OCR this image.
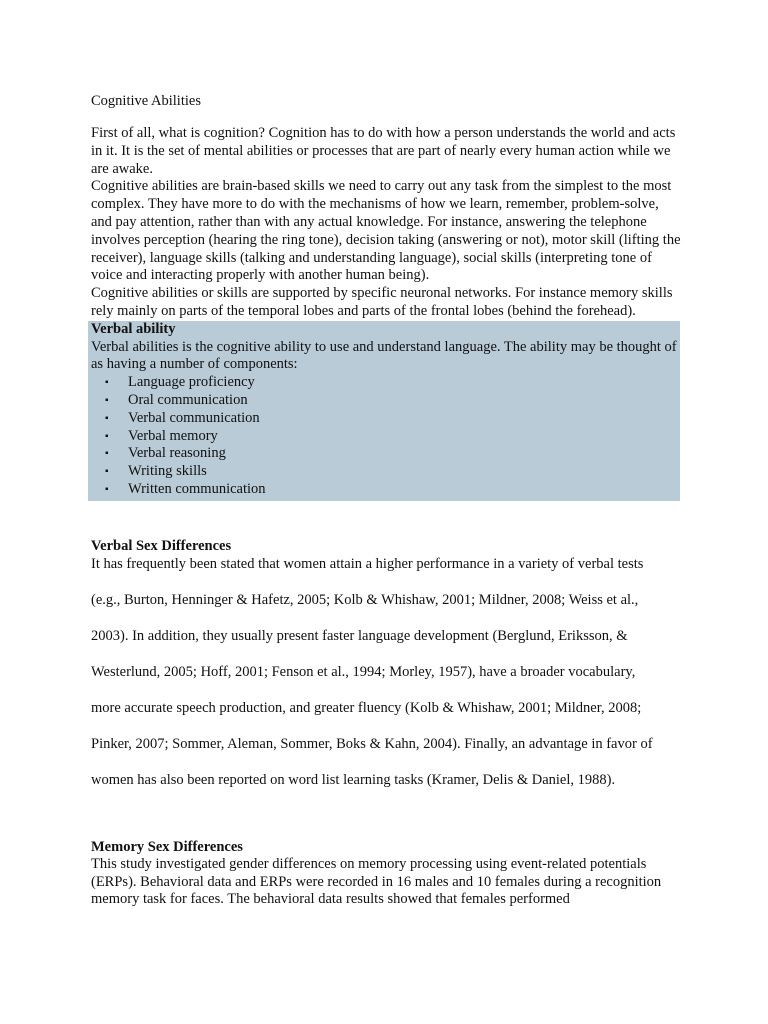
Cognitive Abilities

First of all, what is cognition? Cognition has to do with how a person understands the world and acts in it. It is the set of mental abilities or processes that are part of nearly every human action while we are awake.

Cognitive abilities are brain-based skills we need to carry out any task from the simplest to the most complex. They have more to do with the mechanisms of how we learn, remember, problem-solve, and pay attention, rather than with any actual knowledge. For instance, answering the telephone involves perception (hearing the ring tone), decision taking (answering or not), motor skill (lifting the receiver), language skills (talking and understanding language), social skills (interpreting tone of voice and interacting properly with another human being).

Cognitive abilities or skills are supported by specific neuronal networks. For instance memory skills rely mainly on parts of the temporal lobes and parts of the frontal lobes (behind the forehead).

Verbal ability

Verbal abilities is the cognitive ability to use and understand language. The ability may be thought of as having a number of components:

▪ Language proficiency
▪ Oral communication
▪ Verbal communication
▪ Verbal memory
▪ Verbal reasoning
▪ Writing skills
▪ Written communication
Verbal Sex Differences

It has frequently been stated that women attain a higher performance in a variety of verbal tests

(e.g., Burton, Henninger & Hafetz, 2005; Kolb & Whishaw, 2001; Mildner, 2008; Weiss et al.,

2003). In addition, they usually present faster language development (Berglund, Eriksson, &

Westerlund, 2005; Hoff, 2001; Fenson et al., 1994; Morley, 1957), have a broader vocabulary,

more accurate speech production, and greater fluency (Kolb & Whishaw, 2001; Mildner, 2008;

Pinker, 2007; Sommer, Aleman, Sommer, Boks & Kahn, 2004). Finally, an advantage in favor of

women has also been reported on word list learning tasks (Kramer, Delis & Daniel, 1988).

Memory Sex Differences

This study investigated gender differences on memory processing using event-related potentials (ERPs). Behavioral data and ERPs were recorded in 16 males and 10 females during a recognition memory task for faces. The behavioral data results showed that females performed
